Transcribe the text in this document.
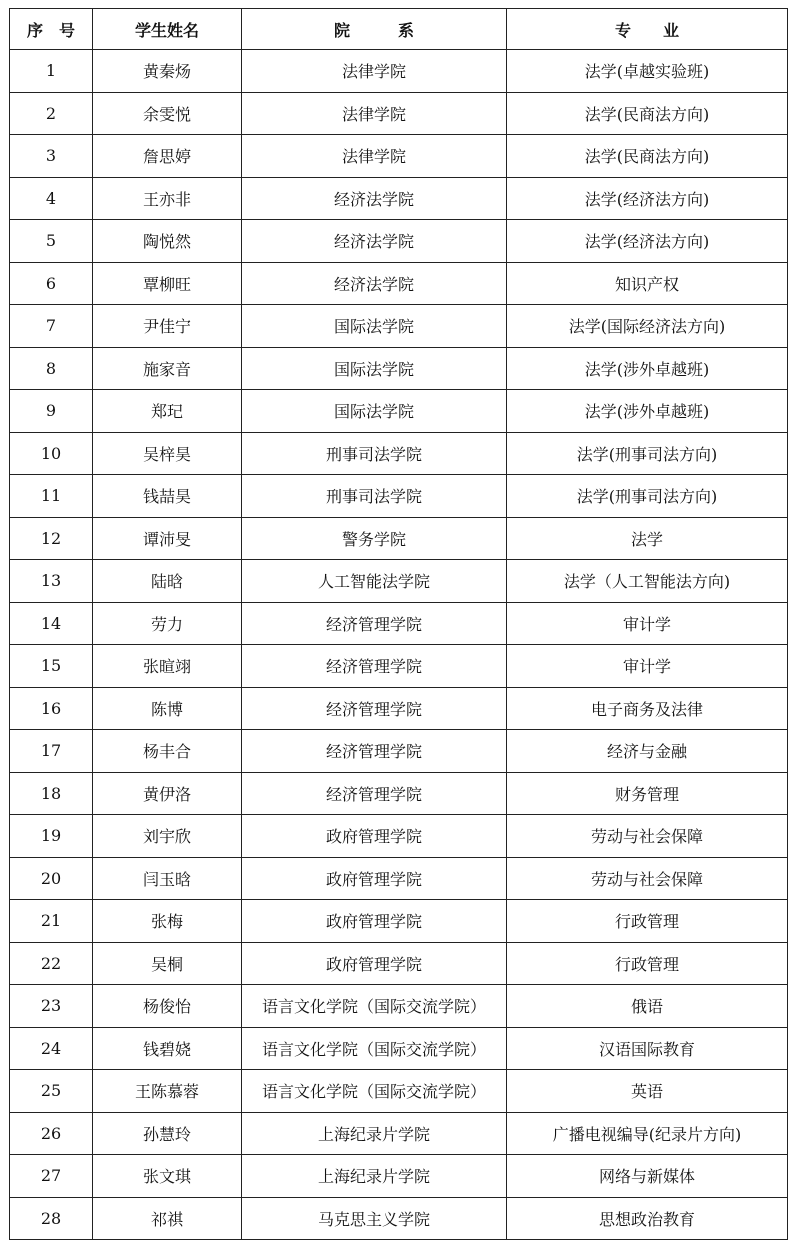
序　号	学生姓名	院　　　系	专　　业
1	黄秦炀	法律学院	法学(卓越实验班)
2	余雯悦	法律学院	法学(民商法方向)
3	詹思婷	法律学院	法学(民商法方向)
4	王亦非	经济法学院	法学(经济法方向)
5	陶悦然	经济法学院	法学(经济法方向)
6	覃柳旺	经济法学院	知识产权
7	尹佳宁	国际法学院	法学(国际经济法方向)
8	施家音	国际法学院	法学(涉外卓越班)
9	郑玘	国际法学院	法学(涉外卓越班)
10	吴梓昊	刑事司法学院	法学(刑事司法方向)
11	钱喆昊	刑事司法学院	法学(刑事司法方向)
12	谭沛旻	警务学院	法学
13	陆晗	人工智能法学院	法学（人工智能法方向)
14	劳力	经济管理学院	审计学
15	张暄翊	经济管理学院	审计学
16	陈博	经济管理学院	电子商务及法律
17	杨丰合	经济管理学院	经济与金融
18	黄伊洛	经济管理学院	财务管理
19	刘宇欣	政府管理学院	劳动与社会保障
20	闫玉晗	政府管理学院	劳动与社会保障
21	张梅	政府管理学院	行政管理
22	吴桐	政府管理学院	行政管理
23	杨俊怡	语言文化学院（国际交流学院）	俄语
24	钱碧娆	语言文化学院（国际交流学院）	汉语国际教育
25	王陈慕蓉	语言文化学院（国际交流学院）	英语
26	孙慧玲	上海纪录片学院	广播电视编导(纪录片方向)
27	张文琪	上海纪录片学院	网络与新媒体
28	祁祺	马克思主义学院	思想政治教育
